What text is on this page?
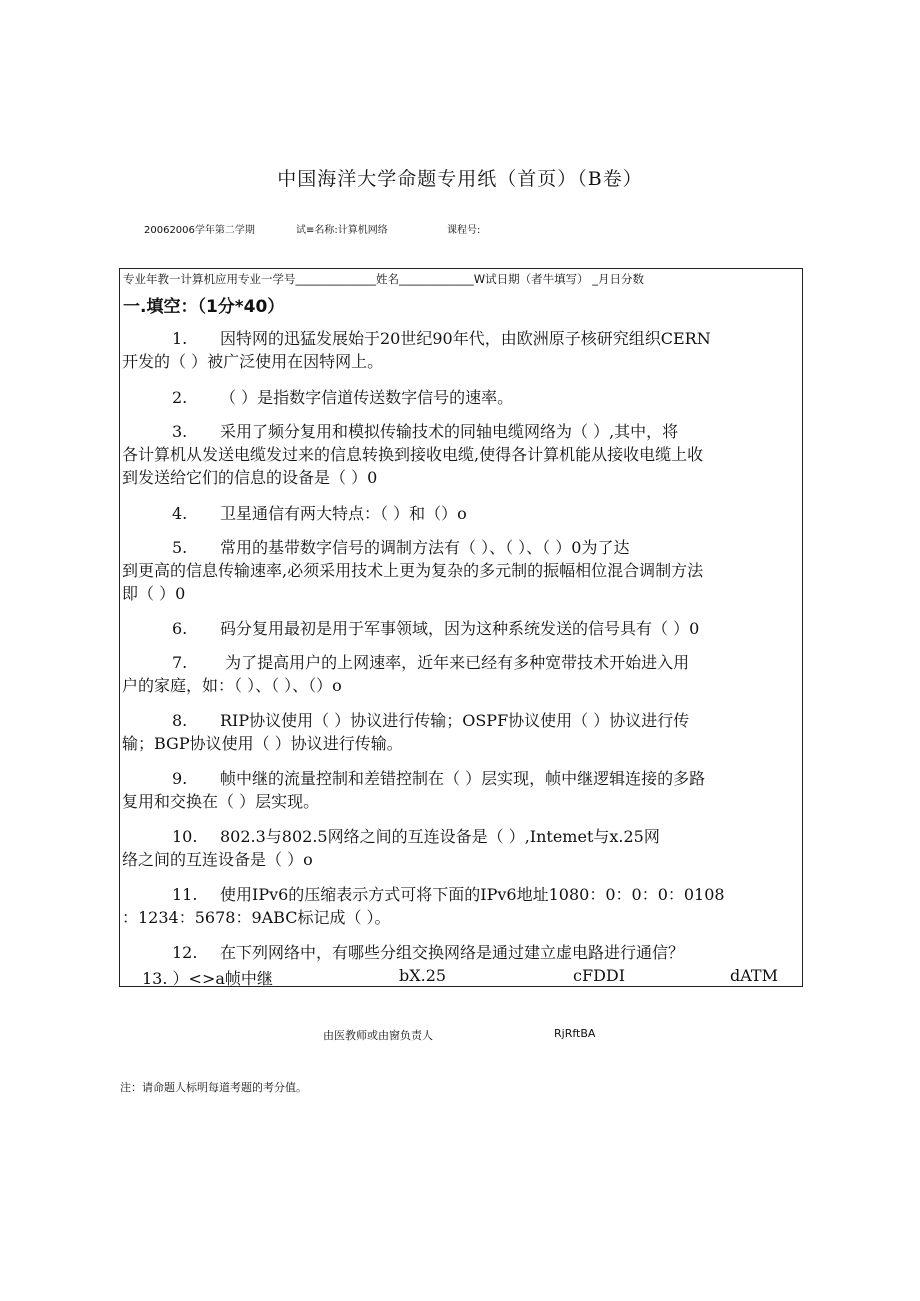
中国海洋大学命题专用纸（首页）（B卷）
20062006学年第二学期	试≡名称:计算机网络	课程号:
专业年教一计算机应用专业一学号______________姓名_____________W试日期（者牛填写） _月日分数
一.填空：（1分*40）
1. 因特网的迅猛发展始于20世纪90年代，由欧洲原子核研究组织CERN
开发的（ ）被广泛使用在因特网上。
2. （ ）是指数字信道传送数字信号的速率。
3. 采用了频分复用和模拟传输技术的同轴电缆网络为（ ）,其中，将
各计算机从发送电缆发过来的信息转换到接收电缆,使得各计算机能从接收电缆上收
到发送给它们的信息的设备是（ ）0
4. 卫星通信有两大特点：（ ）和（）o
5. 常用的基带数字信号的调制方法有（ ）、（ ）、（ ）0为了达
到更高的信息传输速率,必须采用技术上更为复杂的多元制的振幅相位混合调制方法
即（ ）0
6. 码分复用最初是用于军事领域，因为这种系统发送的信号具有（ ）0
7. 为了提高用户的上网速率，近年来已经有多种宽带技术开始进入用
户的家庭，如：（ ）、（ ）、（）o
8. RIP协议使用（ ）协议进行传输；OSPF协议使用（ ）协议进行传
输；BGP协议使用（ ）协议进行传输。
9. 帧中继的流量控制和差错控制在（ ）层实现，帧中继逻辑连接的多路
复用和交换在（ ）层实现。
10. 802.3与802.5网络之间的互连设备是（ ）,Intemet与x.25网
络之间的互连设备是（ ）o
11. 使用IPv6的压缩表示方式可将下面的IPv6地址1080：0：0：0：0108
：1234：5678：9ABC标记成（ ）。
12. 在下列网络中，有哪些分组交换网络是通过建立虚电路进行通信？
13. ）<>a帧中继	bX.25	cFDDI	dATM
由医教师或由窗负责人	RjRftBA
注：请命题人标明每道考题的考分值。
